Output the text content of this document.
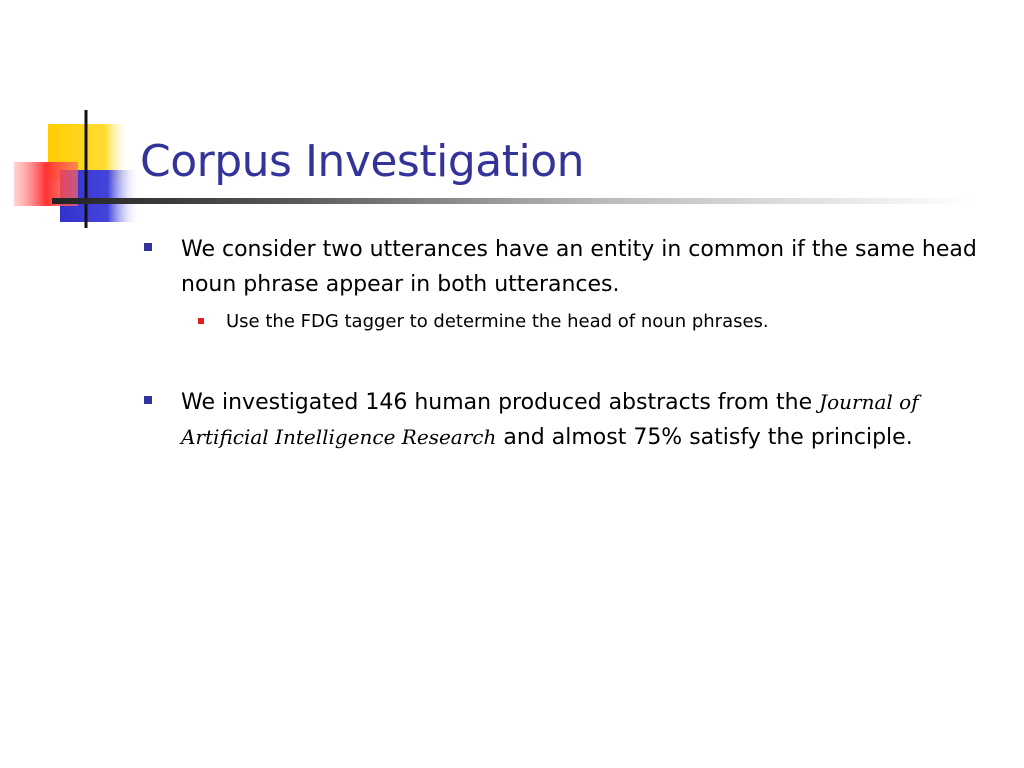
Corpus Investigation
We consider two utterances have an entity in common if the same head noun phrase appear in both utterances.
Use the FDG tagger to determine the head of noun phrases.
We investigated 146 human produced abstracts from the Journal of Artificial Intelligence Research and almost 75% satisfy the principle.
